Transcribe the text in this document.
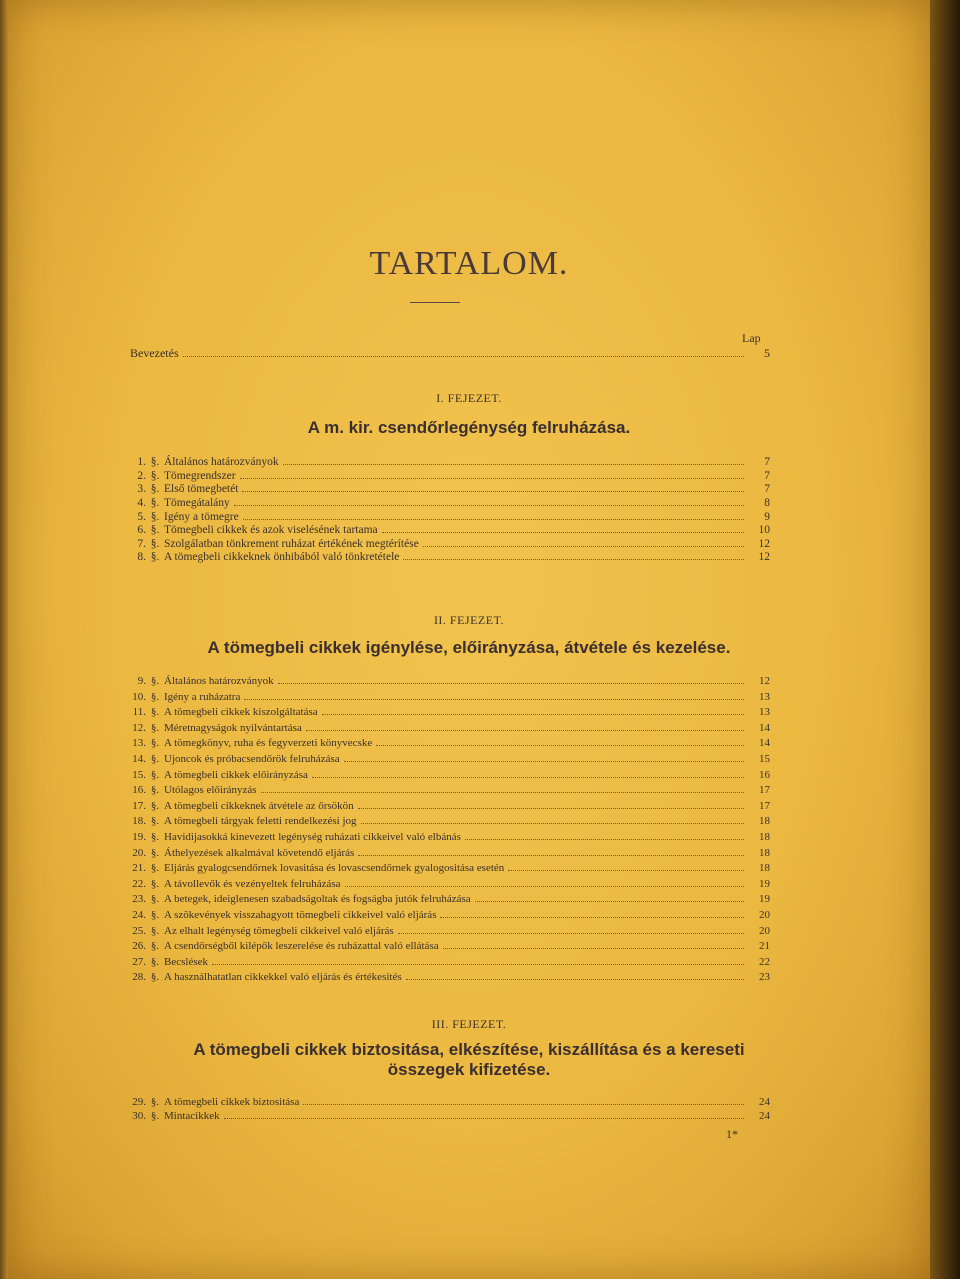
TARTALOM.
Lap
Bevezetés	5
I. FEJEZET.
A m. kir. csendőrlegénység felruházása.
1. §. Általános határozványok	7
2. §. Tömegrendszer	7
3. §. Első tömegbetét	7
4. §. Tömegátalány	8
5. §. Igény a tömegre	9
6. §. Tömegbeli cikkek és azok viselésének tartama	10
7. §. Szolgálatban tönkrement ruházat értékének megtérítése	12
8. §. A tömegbeli cikkeknek önhibából való tönkretétele	12
II. FEJEZET.
A tömegbeli cikkek igénylése, előirányzása, átvétele és kezelése.
9. §. Általános határozványok	12
10. §. Igény a ruházatra	13
11. §. A tömegbeli cikkek kiszolgáltatása	13
12. §. Méretnagyságok nyilvántartása	14
13. §. A tömegkönyv, ruha és fegyverzeti könyvecske	14
14. §. Ujoncok és próbacsendőrök felruházása	15
15. §. A tömegbeli cikkek előirányzása	16
16. §. Utólagos előirányzás	17
17. §. A tömegbeli cikkeknek átvétele az őrsökön	17
18. §. A tömegbeli tárgyak feletti rendelkezési jog	18
19. §. Havidijasokká kinevezett legénység ruházati cikkeivel való elbánás	18
20. §. Áthelyezések alkalmával követendő eljárás	18
21. §. Eljárás gyalogcsendőrnek lovasitása és lovascsendőrnek gyalogositása esetén	18
22. §. A távollevők és vezényeltek felruházása	19
23. §. A betegek, ideiglenesen szabadságoltak és fogságba jutók felruházása	19
24. §. A szökevények visszahagyott tömegbeli cikkeivel való eljárás	20
25. §. Az elhalt legénység tömegbeli cikkeivel való eljárás	20
26. §. A csendőrségből kilépők leszerelése és ruházattal való ellátása	21
27. §. Becslések	22
28. §. A használhatatlan cikkekkel való eljárás és értékesités	23
III. FEJEZET.
A tömegbeli cikkek biztositása, elkészítése, kiszállítása és a kereseti
összegek kifizetése.
29. §. A tömegbeli cikkek biztositása	24
30. §. Mintacikkek	24
1*
